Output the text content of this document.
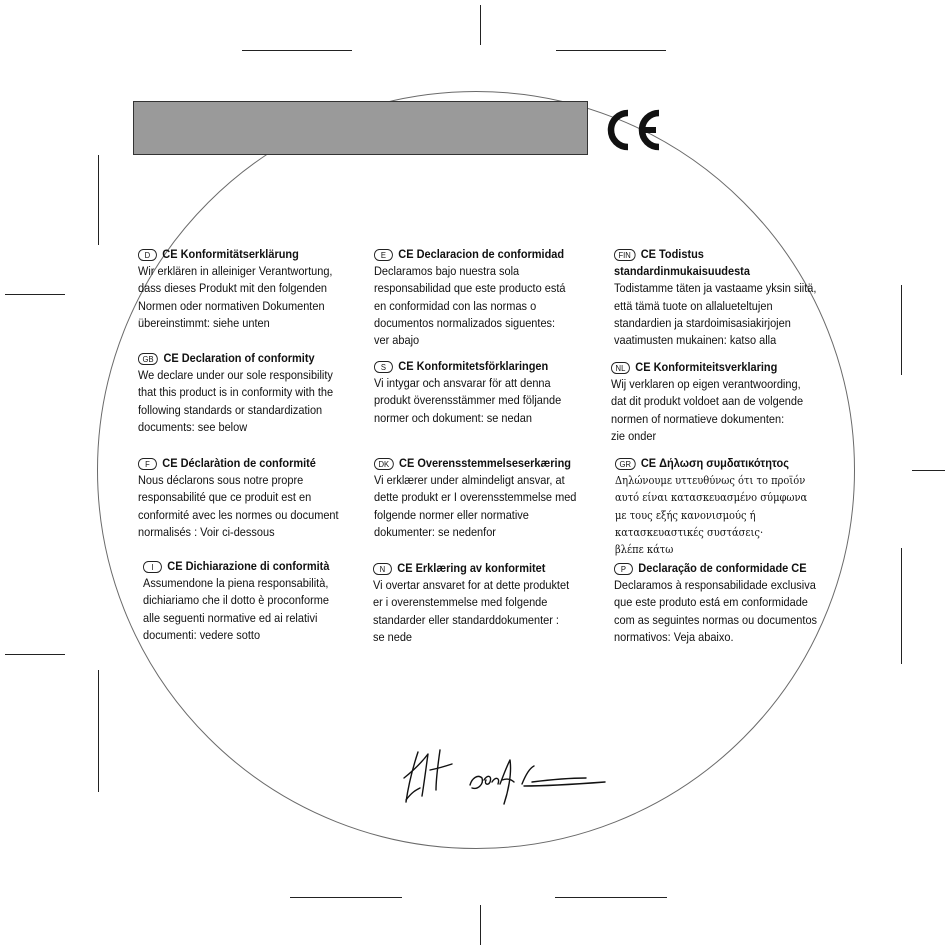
D CE Konformitätserklärung
Wir erklären in alleiniger Verantwortung,
dass dieses Produkt mit den folgenden
Normen oder normativen Dokumenten
übereinstimmt: siehe unten
GB CE Declaration of conformity
We declare under our sole responsibility
that this product is in conformity with the
following standards or standardization
documents: see below
F	CE Déclaràtion de conformité
Nous déclarons sous notre propre
responsabilité que ce produit est en
conformité avec les normes ou document
normalisés : Voir ci-dessous
I	CE Dichiarazione di conformità
Assumendone la piena responsabilità,
dichiariamo che il dotto è proconforme
alle seguenti normative ed ai relativi
documenti: vedere sotto
E	CE Declaracion de conformidad
Declaramos bajo nuestra sola
responsabilidad que este producto está
en conformidad con las normas o
documentos normalizados siguentes:
ver abajo
S	CE Konformitetsförklaringen
Vi intygar och ansvarar för att denna
produkt överensstämmer med följande
normer och dokument: se nedan
DK CE Overensstemmelseserkæring
Vi erklærer under almindeligt ansvar, at
dette produkt er I overensstemmelse med
folgende normer eller normative
dokumenter: se nedenfor
N CE Erklæring av konformitet
Vi overtar ansvaret for at dette produktet
er i overenstemmelse med folgende
standarder eller standarddokumenter :
se nede
FIN CE Todistus
standardinmukaisuudesta
Todistamme täten ja vastaame yksin siitä,
että tämä tuote on allalueteltujen
standardien ja stardoimisasiakirjojen
vaatimusten mukainen: katso alla
NL CE Konformiteitsverklaring
Wij verklaren op eigen verantwoording,
dat dit produkt voldoet aan de volgende
normen of normatieve dokumenten:
zie onder
GR CE Δήλωση συμδατικότητος
Δηλώνουμε υττευθύνως ότι το προϊόν
αυτό είναι κατασκευασμένο σύμφωνα
με τους εξής κανονισμούς ή
κατασκευαστικές συστάσεις·
βλέπε κάτω
P	Declaração de conformidade CE
Declaramos à responsabilidade exclusiva
que este produto está em conformidade
com as seguintes normas ou documentos
normativos: Veja abaixo.
